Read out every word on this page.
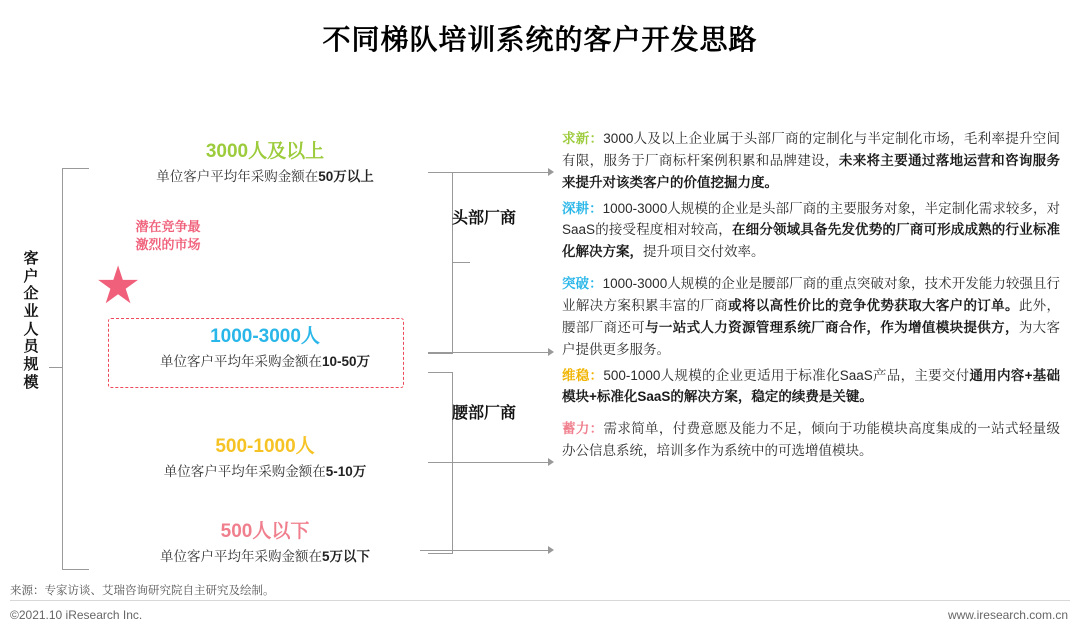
不同梯队培训系统的客户开发思路
客户企业人员规模
3000人及以上
单位客户平均年采购金额在50万以上
1000-3000人
单位客户平均年采购金额在10-50万
500-1000人
单位客户平均年采购金额在5-10万
500人以下
单位客户平均年采购金额在5万以下
潜在竞争最
激烈的市场
★
头部厂商
腰部厂商
求新：3000人及以上企业属于头部厂商的定制化与半定制化市场，毛利率提升空间有限，服务于厂商标杆案例积累和品牌建设，未来将主要通过落地运营和咨询服务来提升对该类客户的价值挖掘力度。
深耕：1000-3000人规模的企业是头部厂商的主要服务对象，半定制化需求较多，对SaaS的接受程度相对较高，在细分领域具备先发优势的厂商可形成成熟的行业标准化解决方案，提升项目交付效率。
突破：1000-3000人规模的企业是腰部厂商的重点突破对象，技术开发能力较强且行业解决方案积累丰富的厂商或将以高性价比的竞争优势获取大客户的订单。此外，腰部厂商还可与一站式人力资源管理系统厂商合作，作为增值模块提供方，为大客户提供更多服务。
维稳：500-1000人规模的企业更适用于标准化SaaS产品，主要交付通用内容+基础模块+标准化SaaS的解决方案，稳定的续费是关键。
蓄力：需求简单，付费意愿及能力不足，倾向于功能模块高度集成的一站式轻量级办公信息系统，培训多作为系统中的可选增值模块。
来源：专家访谈、艾瑞咨询研究院自主研究及绘制。
©2021.10 iResearch Inc.	www.iresearch.com.cn
